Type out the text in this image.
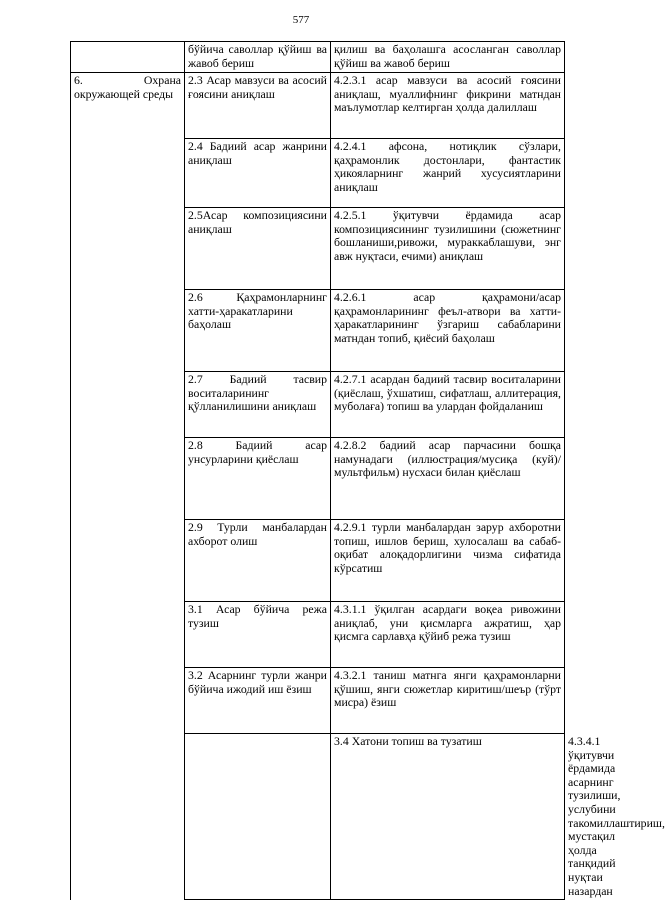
577
	бўйича саволлар қўйиш ва жавоб бериш	қилиш ва баҳолашга асосланган саволлар қўйиш ва жавоб бериш	
6. Охрана окружающей среды	2.3 Асар мавзуси ва асосий ғоясини аниқлаш	4.2.3.1 асар мавзуси ва асосий ғоясини аниқлаш, муаллифнинг фикрини матндан маълумотлар келтирган ҳолда далиллаш	
	2.4 Бадиий асар жанрини аниқлаш	4.2.4.1 афсона, нотиқлик сўзлари, қаҳрамонлик достонлари, фантастик ҳикояларнинг жанрий хусусиятларини аниқлаш	
	2.5Асар композициясини аниқлаш	4.2.5.1 ўқитувчи ёрдамида асар композициясининг тузилишини (сюжетнинг бошланиши,ривожи, мураккаблашуви, энг авж нуқтаси, ечими) аниқлаш	
	2.6 Қаҳрамонларнинг хатти-ҳаракатларини баҳолаш	4.2.6.1 асар қаҳрамони/асар қаҳрамонларининг феъл-атвори ва хатти-ҳаракатларининг ўзгариш сабабларини матндан топиб, қиёсий баҳолаш	
	2.7 Бадиий тасвир воситаларининг қўлланилишини аниқлаш	4.2.7.1 асардан бадиий тасвир воситаларини (қиёслаш, ўхшатиш, сифатлаш, аллитерация, муболаға) топиш ва улардан фойдаланиш	
	2.8 Бадиий асар унсурларини қиёслаш	4.2.8.2 бадиий асар парчасини бошқа намунадаги (иллюстрация/мусиқа (куй)/ мультфильм) нусхаси билан қиёслаш	
	2.9 Турли манбалардан ахборот олиш	4.2.9.1 турли манбалардан зарур ахборотни топиш, ишлов бериш, хулосалаш ва сабаб-оқибат алоқадорлигини чизма сифатида кўрсатиш	
	3.1 Асар бўйича режа тузиш	4.3.1.1 ўқилган асардаги воқеа ривожини аниқлаб, уни қисмларга ажратиш, ҳар қисмга сарлавҳа қўйиб режа тузиш	
	3.2 Асарнинг турли жанри бўйича ижодий иш ёзиш	4.3.2.1 таниш матнга янги қаҳрамонларни қўшиш, янги сюжетлар киритиш/шеър (тўрт мисра) ёзиш	
		3.4 Хатони топиш ва тузатиш	4.3.4.1 ўқитувчи ёрдамида асарнинг тузилиши, услубини такомиллаштириш, мустақил ҳолда танқидий нуқтаи назардан
